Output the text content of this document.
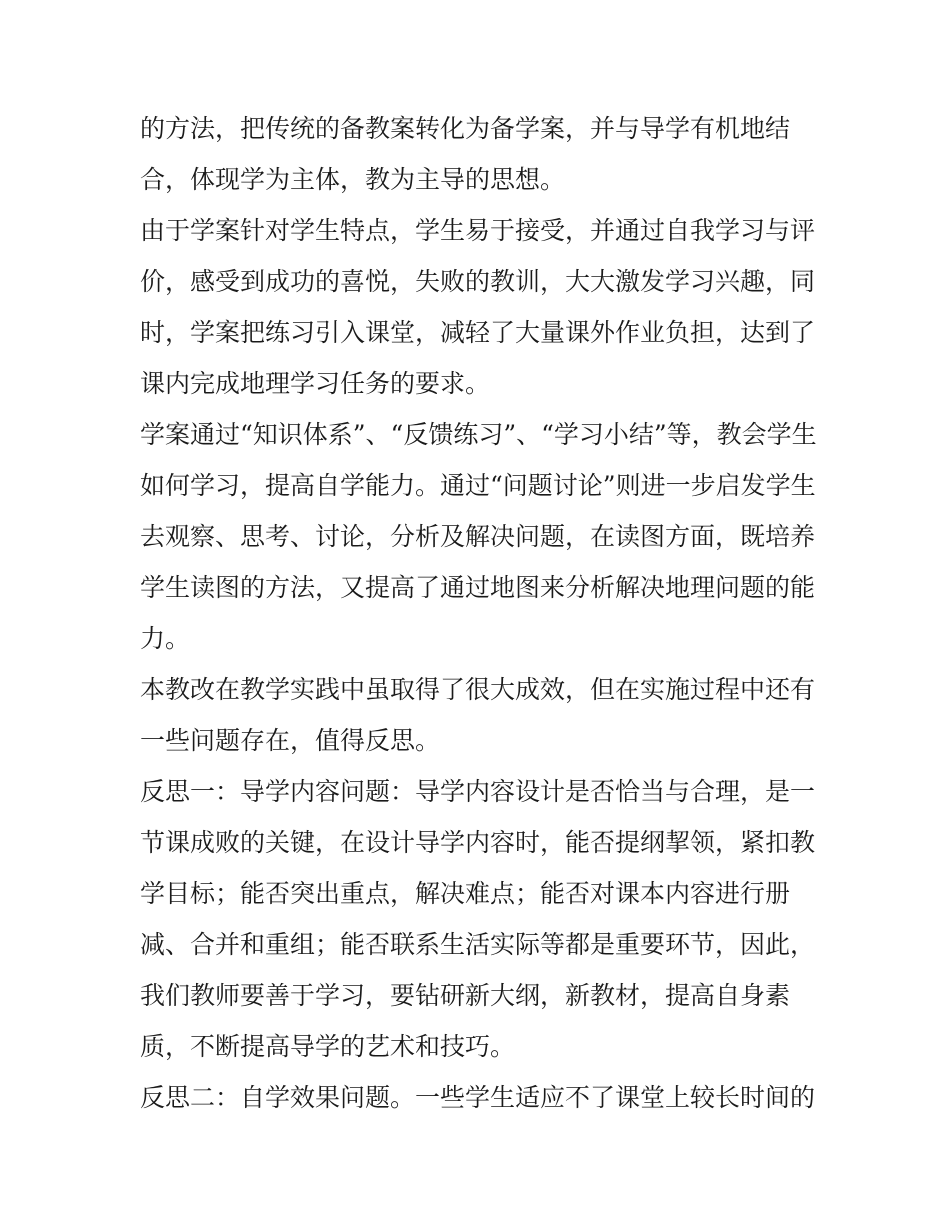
的方法，把传统的备教案转化为备学案，并与导学有机地结
合，体现学为主体，教为主导的思想。
由于学案针对学生特点，学生易于接受，并通过自我学习与评
价，感受到成功的喜悦，失败的教训，大大激发学习兴趣，同
时，学案把练习引入课堂，减轻了大量课外作业负担，达到了
课内完成地理学习任务的要求。
学案通过“知识体系”、“反馈练习”、“学习小结”等，教会学生
如何学习，提高自学能力。通过“问题讨论”则进一步启发学生
去观察、思考、讨论，分析及解决问题，在读图方面，既培养
学生读图的方法，又提高了通过地图来分析解决地理问题的能
力。
本教改在教学实践中虽取得了很大成效，但在实施过程中还有
一些问题存在，值得反思。
反思一：导学内容问题：导学内容设计是否恰当与合理，是一
节课成败的关键，在设计导学内容时，能否提纲挈领，紧扣教
学目标；能否突出重点，解决难点；能否对课本内容进行册
减、合并和重组；能否联系生活实际等都是重要环节，因此，
我们教师要善于学习，要钻研新大纲，新教材，提高自身素
质，不断提高导学的艺术和技巧。
反思二：自学效果问题。一些学生适应不了课堂上较长时间的
